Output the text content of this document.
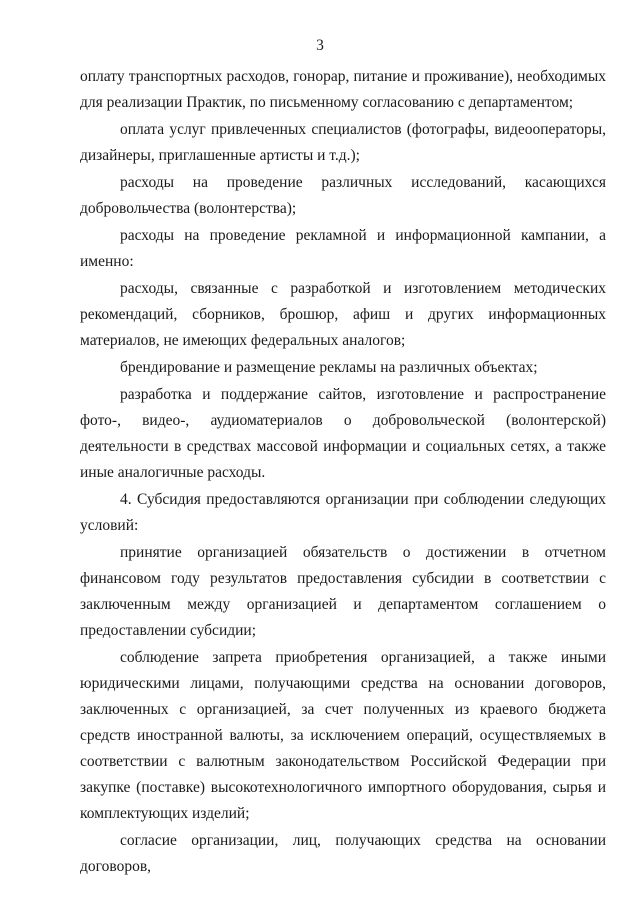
3

оплату транспортных расходов, гонорар, питание и проживание), необходимых для реализации Практик, по письменному согласованию с департаментом;

оплата услуг привлеченных специалистов (фотографы, видеооператоры, дизайнеры, приглашенные артисты и т.д.);

расходы на проведение различных исследований, касающихся добровольчества (волонтерства);

расходы на проведение рекламной и информационной кампании, а именно:

расходы, связанные с разработкой и изготовлением методических рекомендаций, сборников, брошюр, афиш и других информационных материалов, не имеющих федеральных аналогов;

брендирование и размещение рекламы на различных объектах;

разработка и поддержание сайтов, изготовление и распространение фото-, видео-, аудиоматериалов о добровольческой (волонтерской) деятельности в средствах массовой информации и социальных сетях, а также иные аналогичные расходы.

4. Субсидия предоставляются организации при соблюдении следующих условий:

принятие организацией обязательств о достижении в отчетном финансовом году результатов предоставления субсидии в соответствии с заключенным между организацией и департаментом соглашением о предоставлении субсидии;

соблюдение запрета приобретения организацией, а также иными юридическими лицами, получающими средства на основании договоров, заключенных с организацией, за счет полученных из краевого бюджета средств иностранной валюты, за исключением операций, осуществляемых в соответствии с валютным законодательством Российской Федерации при закупке (поставке) высокотехнологичного импортного оборудования, сырья и комплектующих изделий;

согласие организации, лиц, получающих средства на основании договоров,
